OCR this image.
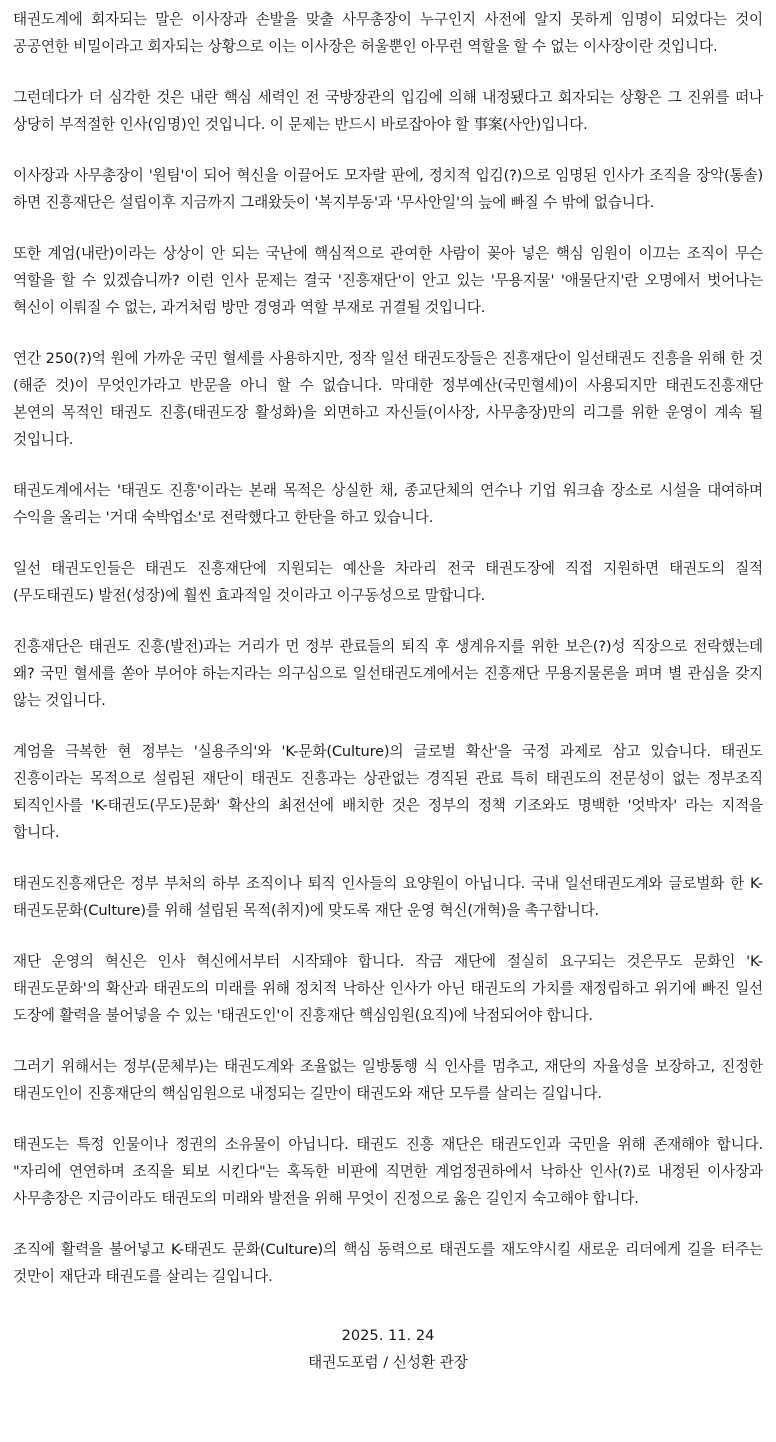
태권도계에 회자되는 말은 이사장과 손발을 맞출 사무총장이 누구인지 사전에 알지 못하게 임명이 되었다는 것이 공공연한 비밀이라고 회자되는 상황으로 이는 이사장은 허울뿐인 아무런 역할을 할 수 없는 이사장이란 것입니다.

그런데다가 더 심각한 것은 내란 핵심 세력인 전 국방장관의 입김에 의해 내정됐다고 회자되는 상황은 그 진위를 떠나 상당히 부적절한 인사(임명)인 것입니다. 이 문제는 반드시 바로잡아야 할 事案(사안)입니다.

이사장과 사무총장이 '원팀'이 되어 혁신을 이끌어도 모자랄 판에, 정치적 입김(?)으로 임명된 인사가 조직을 장악(통솔)하면 진흥재단은 설립이후 지금까지 그래왔듯이 '복지부동'과 '무사안일'의 늪에 빠질 수 밖에 없습니다.

또한 계엄(내란)이라는 상상이 안 되는 국난에 핵심적으로 관여한 사람이 꽂아 넣은 핵심 임원이 이끄는 조직이 무슨 역할을 할 수 있겠습니까? 이런 인사 문제는 결국 '진흥재단'이 안고 있는 '무용지물' '애물단지'란 오명에서 벗어나는 혁신이 이뤄질 수 없는, 과거처럼 방만 경영과 역할 부재로 귀결될 것입니다.

연간 250(?)억 원에 가까운 국민 혈세를 사용하지만, 정작 일선 태권도장들은 진흥재단이 일선태권도 진흥을 위해 한 것(해준 것)이 무엇인가라고 반문을 아니 할 수 없습니다. 막대한 정부예산(국민혈세)이 사용되지만 태권도진흥재단 본연의 목적인 태권도 진흥(태권도장 활성화)을 외면하고 자신들(이사장, 사무총장)만의 리그를 위한 운영이 계속 될 것입니다.

태권도계에서는 '태권도 진흥'이라는 본래 목적은 상실한 채, 종교단체의 연수나 기업 워크숍 장소로 시설을 대여하며 수익을 올리는 '거대 숙박업소'로 전락했다고 한탄을 하고 있습니다.

일선 태권도인들은 태권도 진흥재단에 지원되는 예산을 차라리 전국 태권도장에 직접 지원하면 태권도의 질적(무도태권도) 발전(성장)에 훨씬 효과적일 것이라고 이구동성으로 말합니다.

진흥재단은 태권도 진흥(발전)과는 거리가 먼 정부 관료들의 퇴직 후 생계유지를 위한 보은(?)성 직장으로 전락했는데 왜? 국민 혈세를 쏟아 부어야 하는지라는 의구심으로 일선태권도계에서는 진흥재단 무용지물론을 펴며 별 관심을 갖지 않는 것입니다.

계엄을 극복한 현 정부는 '실용주의'와 'K-문화(Culture)의 글로벌 확산'을 국정 과제로 삼고 있습니다. 태권도 진흥이라는 목적으로 설립된 재단이 태권도 진흥과는 상관없는 경직된 관료 특히 태권도의 전문성이 없는 정부조직 퇴직인사를 'K-태권도(무도)문화' 확산의 최전선에 배치한 것은 정부의 정책 기조와도 명백한 '엇박자' 라는 지적을 합니다.

태권도진흥재단은 정부 부처의 하부 조직이나 퇴직 인사들의 요양원이 아닙니다. 국내 일선태권도계와 글로벌화 한 K-태권도문화(Culture)를 위해 설립된 목적(취지)에 맞도록 재단 운영 혁신(개혁)을 촉구합니다.

재단 운영의 혁신은 인사 혁신에서부터 시작돼야 합니다. 작금 재단에 절실히 요구되는 것은무도 문화인 'K-태권도문화'의 확산과 태권도의 미래를 위해 정치적 낙하산 인사가 아닌 태권도의 가치를 재정립하고 위기에 빠진 일선 도장에 활력을 불어넣을 수 있는 '태권도인'이 진흥재단 핵심임원(요직)에 낙점되어야 합니다.

그러기 위해서는 정부(문체부)는 태권도계와 조율없는 일방통행 식 인사를 멈추고, 재단의 자율성을 보장하고, 진정한 태권도인이 진흥재단의 핵심임원으로 내정되는 길만이 태권도와 재단 모두를 살리는 길입니다.

태권도는 특정 인물이나 정권의 소유물이 아닙니다. 태권도 진흥 재단은 태권도인과 국민을 위해 존재해야 합니다. "자리에 연연하며 조직을 퇴보 시킨다"는 혹독한 비판에 직면한 계엄정권하에서 낙하산 인사(?)로 내정된 이사장과 사무총장은 지금이라도 태권도의 미래와 발전을 위해 무엇이 진정으로 옳은 길인지 숙고해야 합니다.

조직에 활력을 불어넣고 K-태권도 문화(Culture)의 핵심 동력으로 태권도를 재도약시킬 새로운 리더에게 길을 터주는 것만이 재단과 태권도를 살리는 길입니다.

2025. 11. 24
태권도포럼 / 신성환 관장
